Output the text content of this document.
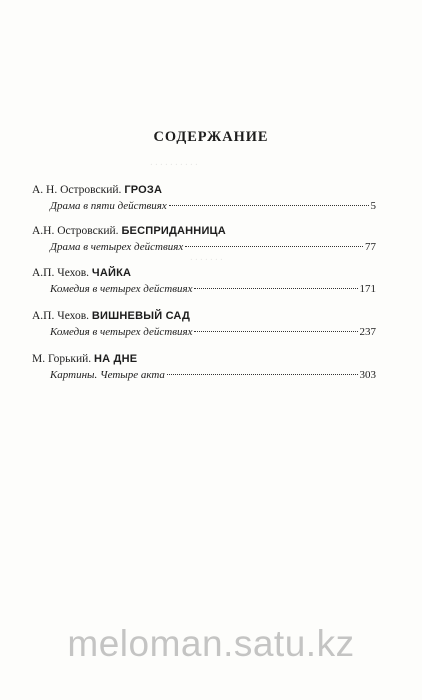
· · · · · · · · · ·
· · · · · · ·
СОДЕРЖАНИЕ
А. Н. Островский. ГРОЗА
Драма в пяти действиях	5
А.Н. Островский. БЕСПРИДАННИЦА
Драма в четырех действиях	77
А.П. Чехов. ЧАЙКА
Комедия в четырех действиях	171
А.П. Чехов. ВИШНЕВЫЙ САД
Комедия в четырех действиях	237
М. Горький. НА ДНЕ
Картины. Четыре акта	303
meloman.satu.kz
